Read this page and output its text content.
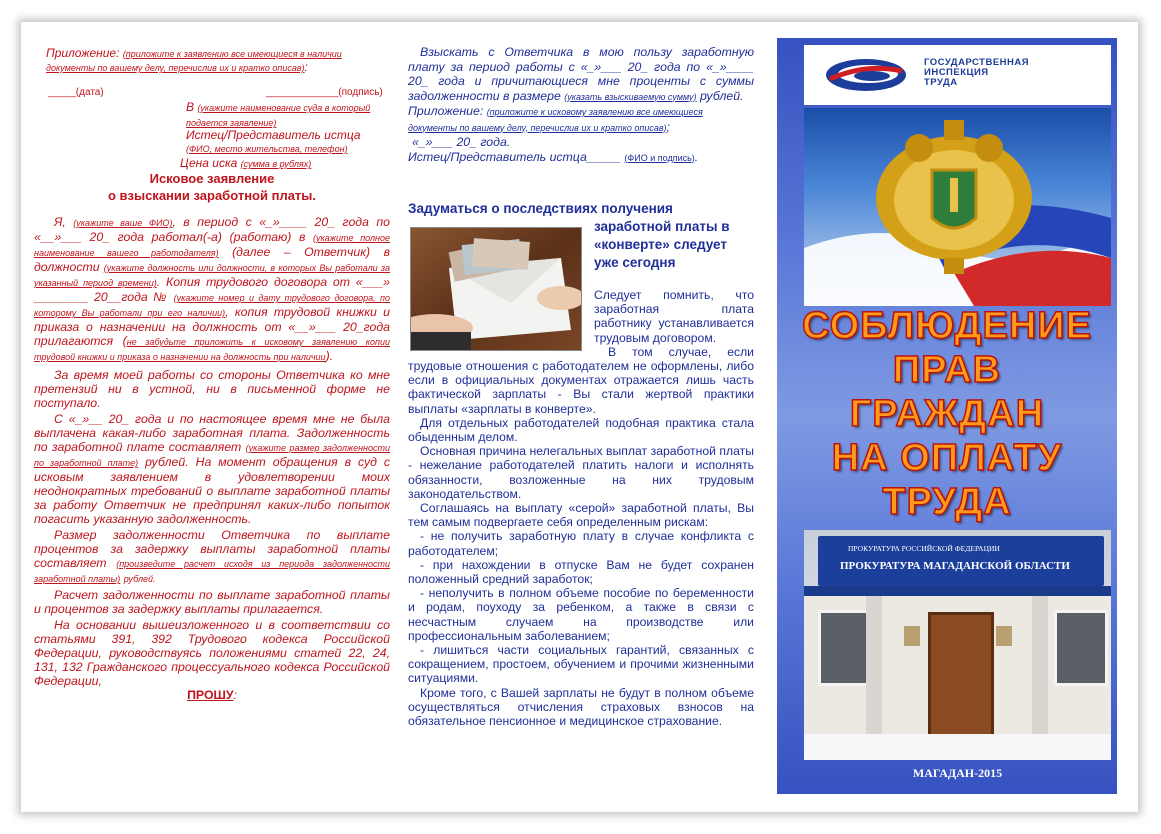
Приложение: (приложите к заявлению все имеющиеся в наличии документы по вашему делу, перечислив их и кратко описав):
_____(дата)	_____________(подпись)
В (укажите наименование суда в который подается заявление)
Истец/Представитель истца
(ФИО, место жительства, телефон)
Цена иска (сумма в рублях)
Исковое заявление
о взыскании заработной платы.

Я, (укажите ваше ФИО), в период с «_»____ 20_ года по «__»___ 20_ года работал(-а) (работаю) в (укажите полное наименование вашего работодателя) (далее – Ответчик) в должности (укажите должность или должности, в которых Вы работали за указанный период времени). Копия трудового договора от «___» ________ 20__года № (укажите номер и дату трудового договора, по которому Вы работали при его наличии), копия трудовой книжки и приказа о назначении на должность от «__»___ 20_года прилагаются (не забудьте приложить к исковому заявлению копии трудовой книжки и приказа о назначении на должность при наличии).

За время моей работы со стороны Ответчика ко мне претензий ни в устной, ни в письменной форме не поступало.

С «_»__ 20_ года и по настоящее время мне не была выплачена какая-либо заработная плата. Задолженность по заработной плате составляет (укажите размер задолженности по заработной плате) рублей. На момент обращения в суд с исковым заявлением в удовлетворении моих неоднократных требований о выплате заработной платы за работу Ответчик не предпринял каких-либо попыток погасить указанную задолженность.

Размер задолженности Ответчика по выплате процентов за задержку выплаты заработной платы составляет (произведите расчет исходя из периода задолженности заработной платы) рублей.

Расчет задолженности по выплате заработной платы и процентов за задержку выплаты прилагается.

На основании вышеизложенного и в соответствии со статьями 391, 392 Трудового кодекса Российской Федерации, руководствуясь положениями статей 22, 24, 131, 132 Гражданского процессуального кодекса Российской Федерации,

ПРОШУ:

Взыскать с Ответчика в мою пользу заработную плату за период работы с «_»___ 20_ года по «_»____ 20_ года и причитающиеся мне проценты с суммы задолженности в размере (указать взыскиваемую сумму) рублей.

Приложение: (приложите к исковому заявлению все имеющиеся документы по вашему делу, перечислив их и кратко описав);

«_»___ 20_ года.

Истец/Представитель истца_____ (ФИО и подпись).

Задуматься о последствиях получения
заработной платы в «конверте» следует уже сегодня

Следует помнить, что заработная плата работнику устанавливается трудовым договором.

В том случае, если трудовые отношения с работодателем не оформлены, либо если в официальных документах отражается лишь часть фактической зарплаты - Вы стали жертвой практики выплаты «зарплаты в конверте».

Для отдельных работодателей подобная практика стала обыденным делом.

Основная причина нелегальных выплат заработной платы - нежелание работодателей платить налоги и исполнять обязанности, возложенные на них трудовым законодательством.

Соглашаясь на выплату «серой» заработной платы, Вы тем самым подвергаете себя определенным рискам:

- не получить заработную плату в случае конфликта с работодателем;

- при нахождении в отпуске Вам не будет сохранен положенный средний заработок;

- неполучить в полном объеме пособие по беременности и родам, поуходу за ребенком, а также в связи с несчастным случаем на производстве или профессиональным заболеванием;

- лишиться части социальных гарантий, связанных с сокращением, простоем, обучением и прочими жизненными ситуациями.

Кроме того, с Вашей зарплаты не будут в полном объеме осуществляться отчисления страховых взносов на обязательное пенсионное и медицинское страхование.

ГОСУДАРСТВЕННАЯ
ИНСПЕКЦИЯ
ТРУДА
СОБЛЮДЕНИЕ
ПРАВ
ГРАЖДАН
НА ОПЛАТУ
ТРУДА
ПРОКУРАТУРА РОССИЙСКОЙ ФЕДЕРАЦИИ
ПРОКУРАТУРА МАГАДАНСКОЙ ОБЛАСТИ
МАГАДАН-2015
